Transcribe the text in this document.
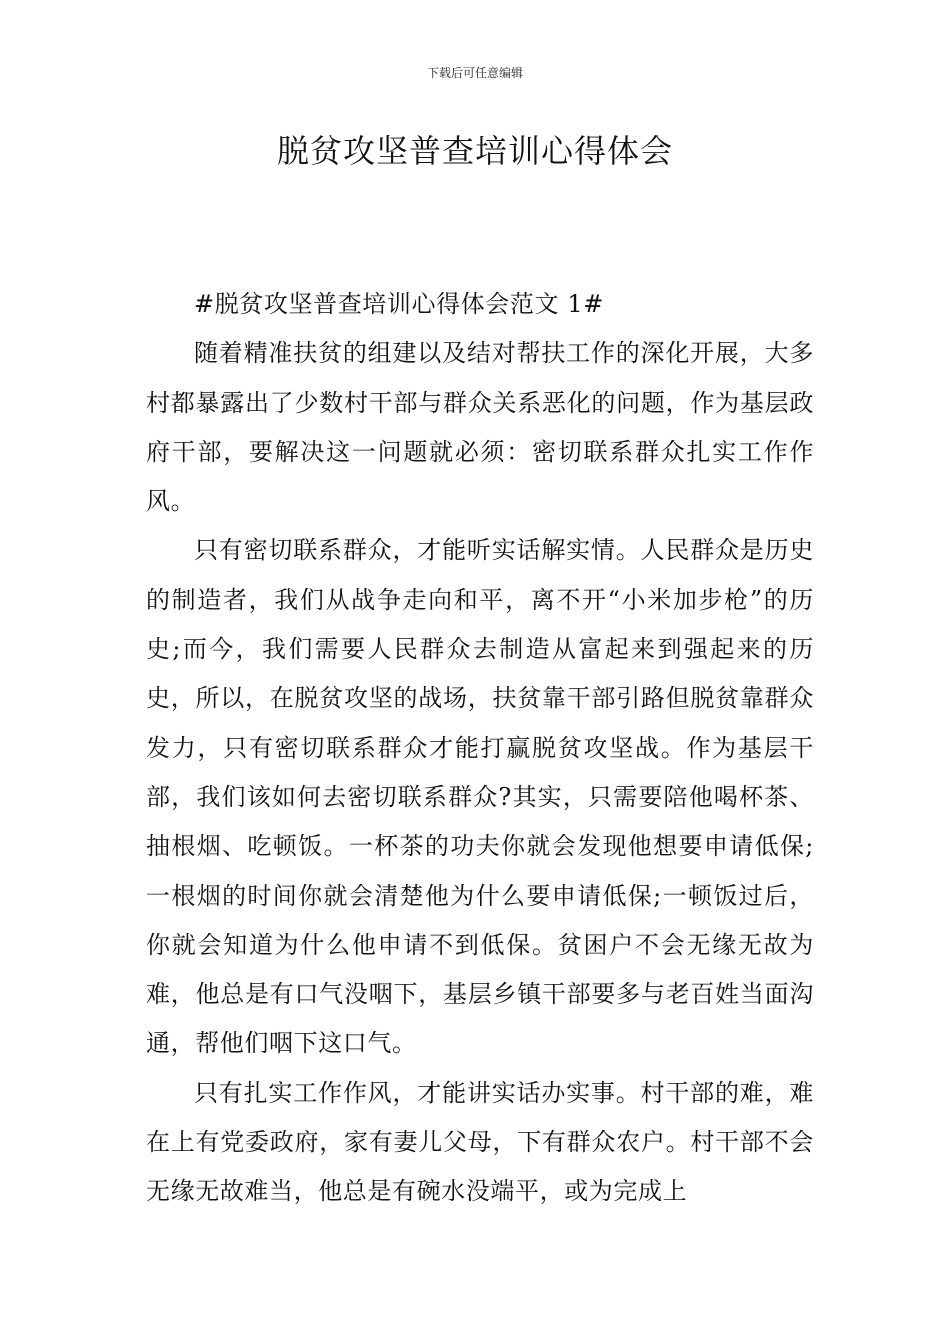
下载后可任意编辑
脱贫攻坚普查培训心得体会

#脱贫攻坚普查培训心得体会范文 1#

随着精准扶贫的组建以及结对帮扶工作的深化开展，大多村都暴露出了少数村干部与群众关系恶化的问题，作为基层政府干部，要解决这一问题就必须：密切联系群众扎实工作作风。

只有密切联系群众，才能听实话解实情。人民群众是历史的制造者，我们从战争走向和平，离不开“小米加步枪”的历史;而今，我们需要人民群众去制造从富起来到强起来的历史，所以，在脱贫攻坚的战场，扶贫靠干部引路但脱贫靠群众发力，只有密切联系群众才能打赢脱贫攻坚战。作为基层干部，我们该如何去密切联系群众?其实，只需要陪他喝杯茶、抽根烟、吃顿饭。一杯茶的功夫你就会发现他想要申请低保;一根烟的时间你就会清楚他为什么要申请低保;一顿饭过后，你就会知道为什么他申请不到低保。贫困户不会无缘无故为难，他总是有口气没咽下，基层乡镇干部要多与老百姓当面沟通，帮他们咽下这口气。

只有扎实工作作风，才能讲实话办实事。村干部的难，难在上有党委政府，家有妻儿父母，下有群众农户。村干部不会无缘无故难当，他总是有碗水没端平，或为完成上
